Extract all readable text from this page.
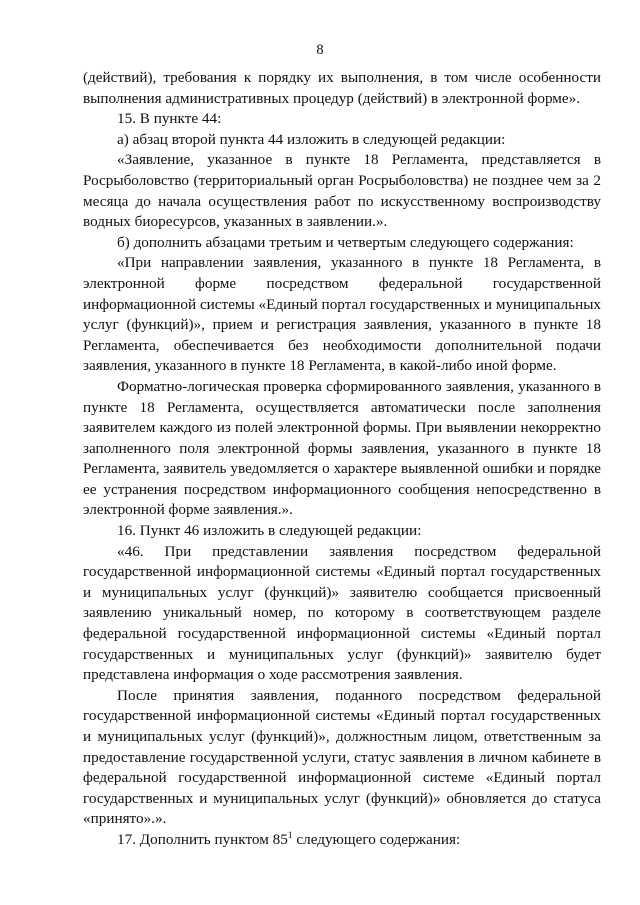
8

(действий), требования к порядку их выполнения, в том числе особенности выполнения административных процедур (действий) в электронной форме».

15. В пункте 44:

а) абзац второй пункта 44 изложить в следующей редакции:

«Заявление, указанное в пункте 18 Регламента, представляется в Росрыболовство (территориальный орган Росрыболовства) не позднее чем за 2 месяца до начала осуществления работ по искусственному воспроизводству водных биоресурсов, указанных в заявлении.».

б) дополнить абзацами третьим и четвертым следующего содержания:

«При направлении заявления, указанного в пункте 18 Регламента, в электронной форме посредством федеральной государственной информационной системы «Единый портал государственных и муниципальных услуг (функций)», прием и регистрация заявления, указанного в пункте 18 Регламента, обеспечивается без необходимости дополнительной подачи заявления, указанного в пункте 18 Регламента, в какой-либо иной форме.

Форматно-логическая проверка сформированного заявления, указанного в пункте 18 Регламента, осуществляется автоматически после заполнения заявителем каждого из полей электронной формы. При выявлении некорректно заполненного поля электронной формы заявления, указанного в пункте 18 Регламента, заявитель уведомляется о характере выявленной ошибки и порядке ее устранения посредством информационного сообщения непосредственно в электронной форме заявления.».

16. Пункт 46 изложить в следующей редакции:

«46. При представлении заявления посредством федеральной государственной информационной системы «Единый портал государственных и муниципальных услуг (функций)» заявителю сообщается присвоенный заявлению уникальный номер, по которому в соответствующем разделе федеральной государственной информационной системы «Единый портал государственных и муниципальных услуг (функций)» заявителю будет представлена информация о ходе рассмотрения заявления.

После принятия заявления, поданного посредством федеральной государственной информационной системы «Единый портал государственных и муниципальных услуг (функций)», должностным лицом, ответственным за предоставление государственной услуги, статус заявления в личном кабинете в федеральной государственной информационной системе «Единый портал государственных и муниципальных услуг (функций)» обновляется до статуса «принято».».

17. Дополнить пунктом $85^1$ следующего содержания:
